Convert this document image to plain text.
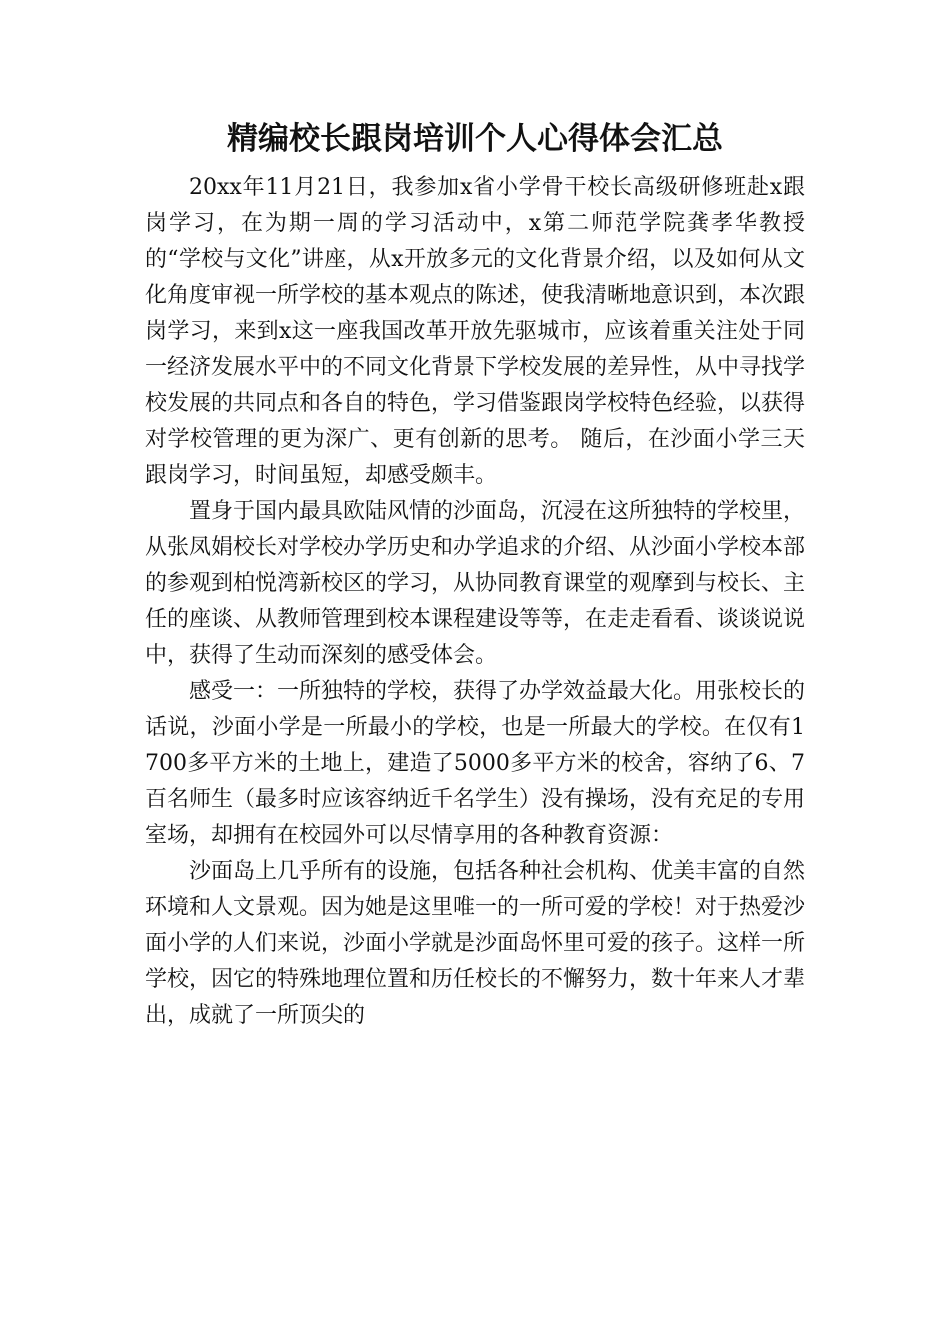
精编校长跟岗培训个人心得体会汇总

20xx年11月21日，我参加x省小学骨干校长高级研修班赴x跟岗学习，在为期一周的学习活动中，x第二师范学院龚孝华教授的“学校与文化”讲座，从x开放多元的文化背景介绍，以及如何从文化角度审视一所学校的基本观点的陈述，使我清晰地意识到，本次跟岗学习，来到x这一座我国改革开放先驱城市，应该着重关注处于同一经济发展水平中的不同文化背景下学校发展的差异性，从中寻找学校发展的共同点和各自的特色，学习借鉴跟岗学校特色经验，以获得对学校管理的更为深广、更有创新的思考。 随后，在沙面小学三天跟岗学习，时间虽短，却感受颇丰。

置身于国内最具欧陆风情的沙面岛，沉浸在这所独特的学校里，从张凤娟校长对学校办学历史和办学追求的介绍、从沙面小学校本部的参观到柏悦湾新校区的学习，从协同教育课堂的观摩到与校长、主任的座谈、从教师管理到校本课程建设等等，在走走看看、谈谈说说中，获得了生动而深刻的感受体会。

感受一：一所独特的学校，获得了办学效益最大化。用张校长的话说，沙面小学是一所最小的学校，也是一所最大的学校。在仅有1700多平方米的土地上，建造了5000多平方米的校舍，容纳了6、7百名师生（最多时应该容纳近千名学生）没有操场，没有充足的专用室场，却拥有在校园外可以尽情享用的各种教育资源：

沙面岛上几乎所有的设施，包括各种社会机构、优美丰富的自然环境和人文景观。因为她是这里唯一的一所可爱的学校！对于热爱沙面小学的人们来说，沙面小学就是沙面岛怀里可爱的孩子。这样一所学校，因它的特殊地理位置和历任校长的不懈努力，数十年来人才辈出，成就了一所顶尖的
